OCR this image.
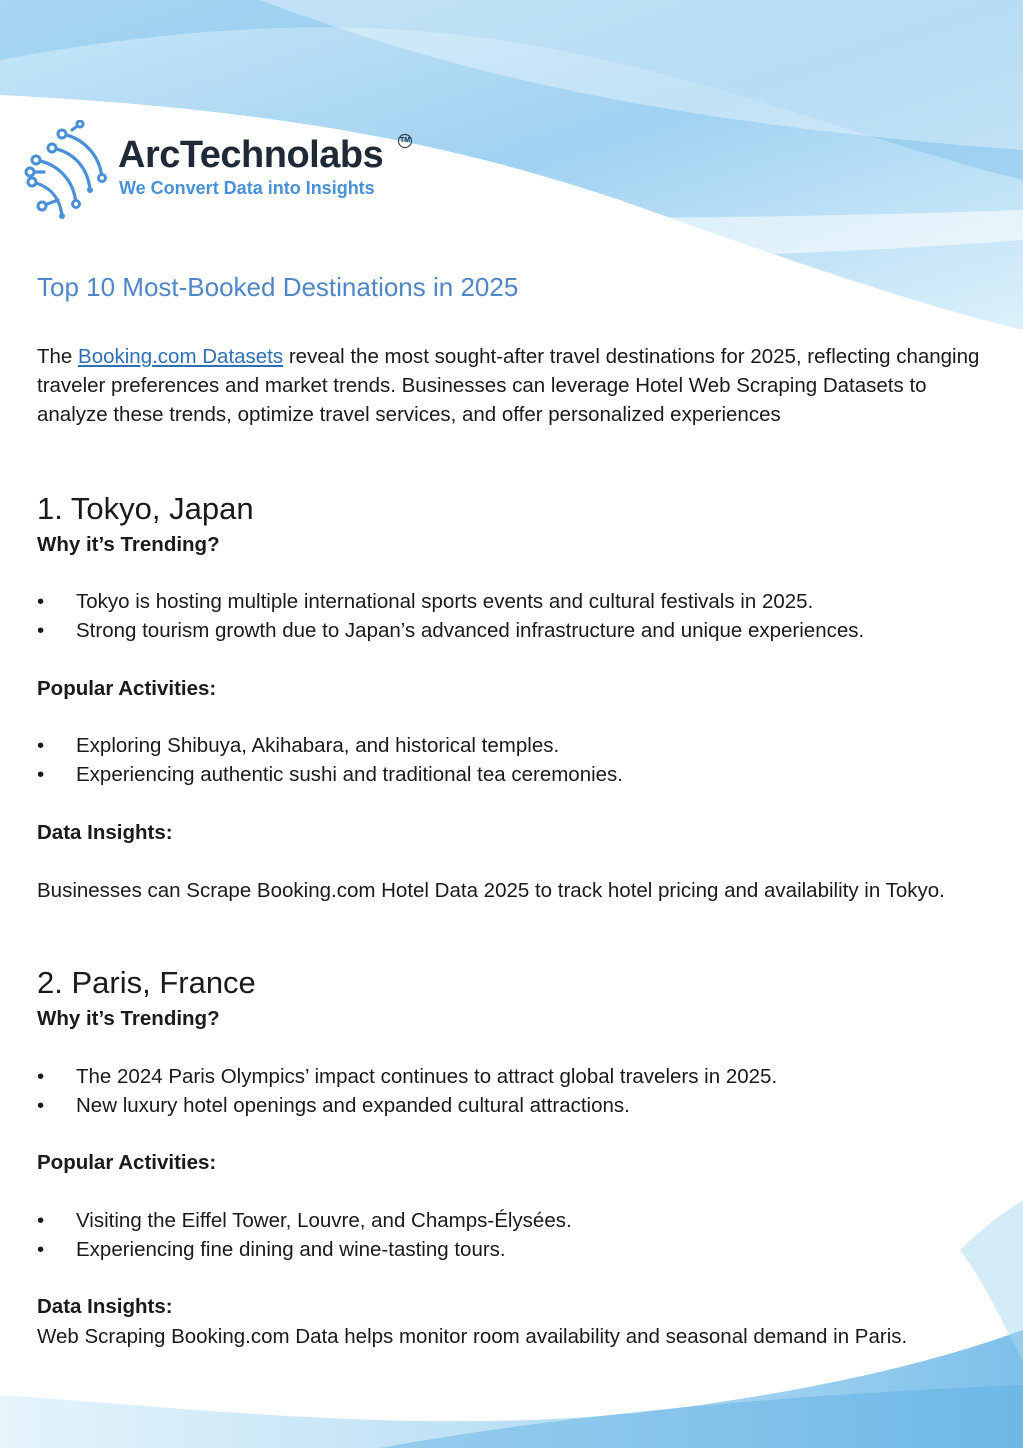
ArcTechnolabs TM
We Convert Data into Insights
Top 10 Most-Booked Destinations in 2025

The Booking.com Datasets reveal the most sought-after travel destinations for 2025, reflecting changing traveler preferences and market trends. Businesses can leverage Hotel Web Scraping Datasets to analyze these trends, optimize travel services, and offer personalized experiences

1. Tokyo, Japan
Why it’s Trending?
• Tokyo is hosting multiple international sports events and cultural festivals in 2025.
• Strong tourism growth due to Japan’s advanced infrastructure and unique experiences.
Popular Activities:
• Exploring Shibuya, Akihabara, and historical temples.
• Experiencing authentic sushi and traditional tea ceremonies.
Data Insights:

Businesses can Scrape Booking.com Hotel Data 2025 to track hotel pricing and availability in Tokyo.

2. Paris, France
Why it’s Trending?
• The 2024 Paris Olympics’ impact continues to attract global travelers in 2025.
• New luxury hotel openings and expanded cultural attractions.
Popular Activities:
• Visiting the Eiffel Tower, Louvre, and Champs-Élysées.
• Experiencing fine dining and wine-tasting tours.
Data Insights:

Web Scraping Booking.com Data helps monitor room availability and seasonal demand in Paris.
